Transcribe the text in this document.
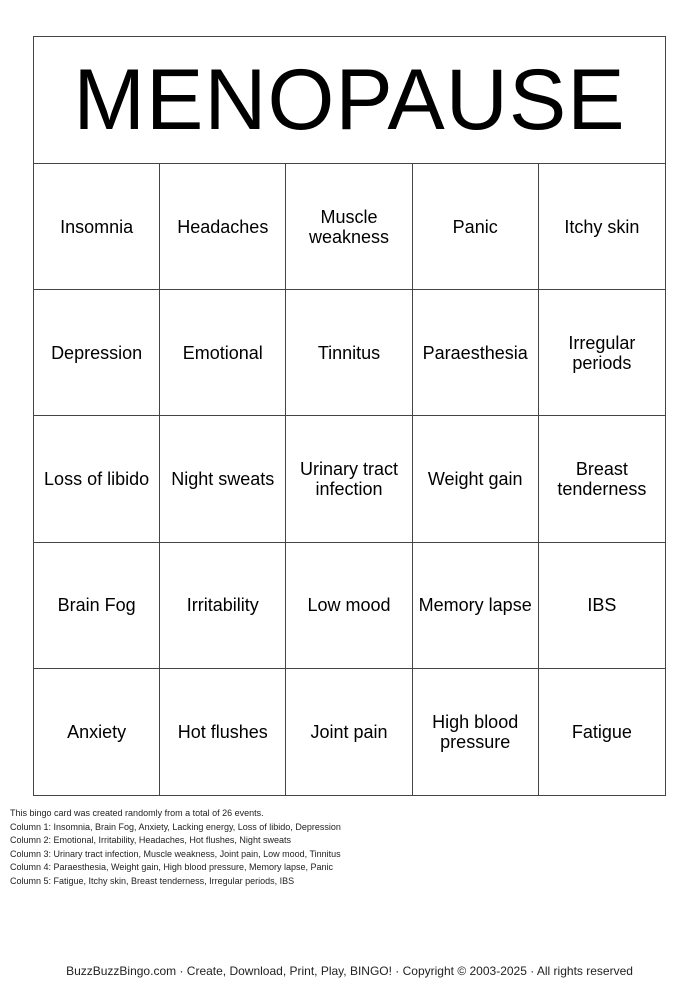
MENOPAUSE
Insomnia	Headaches	Muscle weakness	Panic	Itchy skin
Depression	Emotional	Tinnitus	Paraesthesia	Irregular periods
Loss of libido	Night sweats	Urinary tract infection	Weight gain	Breast tenderness
Brain Fog	Irritability	Low mood	Memory lapse	IBS
Anxiety	Hot flushes	Joint pain	High blood pressure	Fatigue
This bingo card was created randomly from a total of 26 events.
Column 1: Insomnia, Brain Fog, Anxiety, Lacking energy, Loss of libido, Depression
Column 2: Emotional, Irritability, Headaches, Hot flushes, Night sweats
Column 3: Urinary tract infection, Muscle weakness, Joint pain, Low mood, Tinnitus
Column 4: Paraesthesia, Weight gain, High blood pressure, Memory lapse, Panic
Column 5: Fatigue, Itchy skin, Breast tenderness, Irregular periods, IBS
BuzzBuzzBingo.com · Create, Download, Print, Play, BINGO! · Copyright © 2003-2025 · All rights reserved
